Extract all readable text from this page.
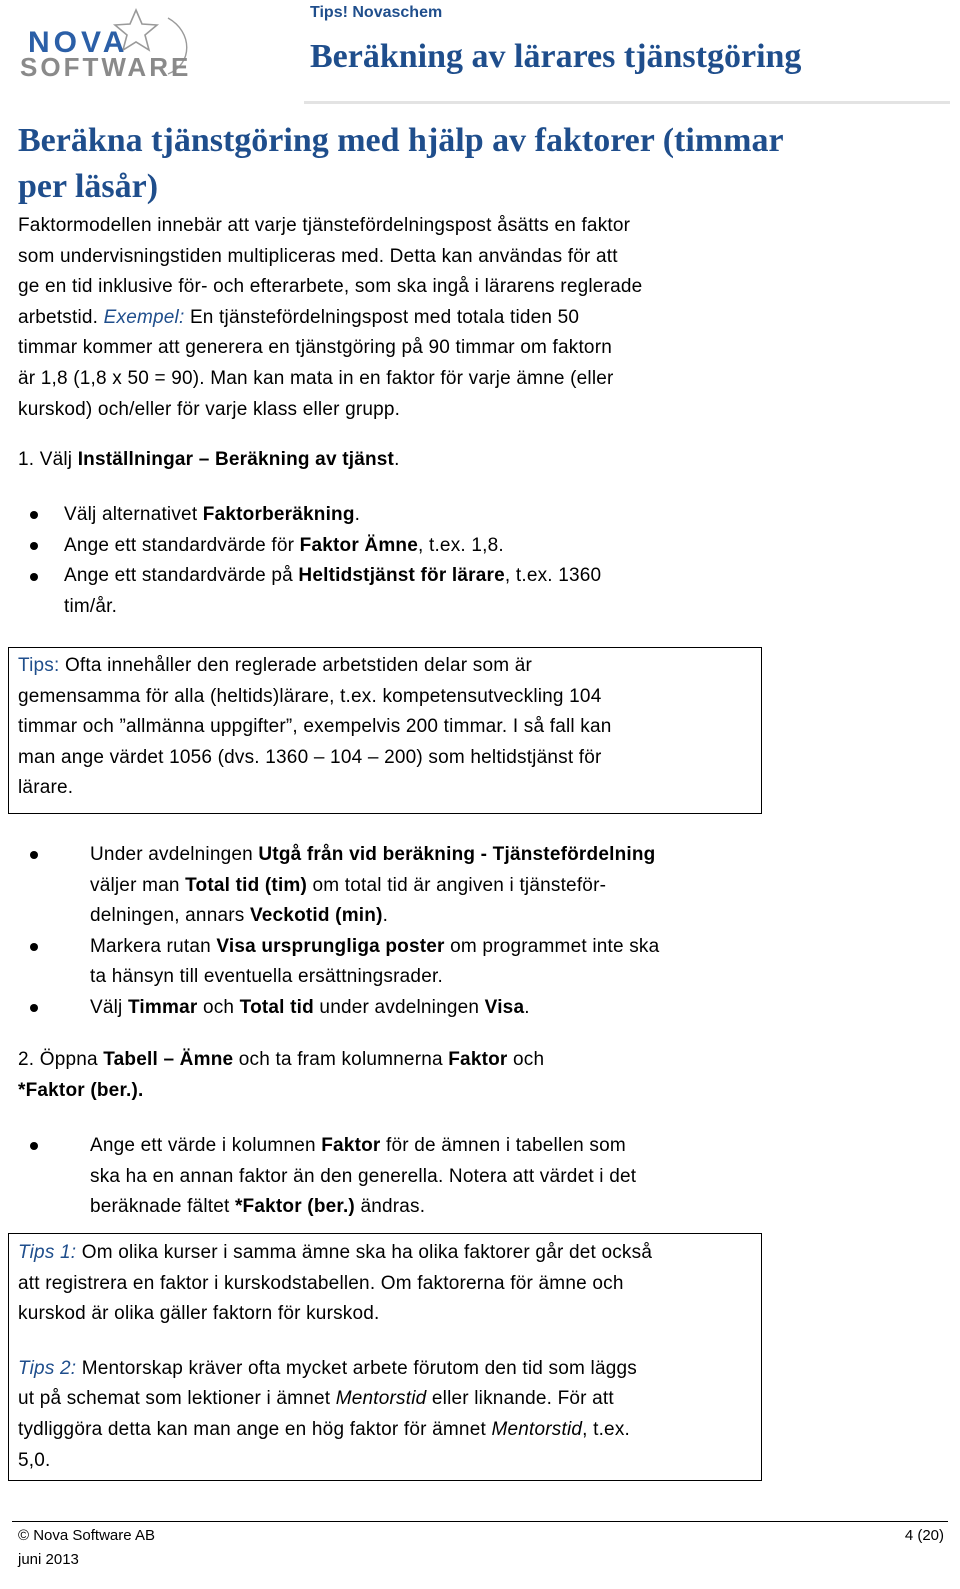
NOVA
SOFTWARE
Tips! Novaschem
Beräkning av lärares tjänstgöring
Beräkna tjänstgöring med hjälp av faktorer (timmar
per läsår)
Faktormodellen innebär att varje tjänstefördelningspost åsätts en faktor
som undervisningstiden multipliceras med. Detta kan användas för att
ge en tid inklusive för- och efterarbete, som ska ingå i lärarens reglerade
arbetstid. Exempel: En tjänstefördelningspost med totala tiden 50
timmar kommer att generera en tjänstgöring på 90 timmar om faktorn
är 1,8 (1,8 x 50 = 90). Man kan mata in en faktor för varje ämne (eller
kurskod) och/eller för varje klass eller grupp.
1. Välj Inställningar – Beräkning av tjänst.
Välj alternativet Faktorberäkning.
Ange ett standardvärde för Faktor Ämne, t.ex. 1,8.
Ange ett standardvärde på Heltidstjänst för lärare, t.ex. 1360
tim/år.
Tips: Ofta innehåller den reglerade arbetstiden delar som är
gemensamma för alla (heltids)lärare, t.ex. kompetensutveckling 104
timmar och ”allmänna uppgifter”, exempelvis 200 timmar. I så fall kan
man ange värdet 1056 (dvs. 1360 – 104 – 200) som heltidstjänst för
lärare.
Under avdelningen Utgå från vid beräkning - Tjänstefördelning
väljer man Total tid (tim) om total tid är angiven i tjänsteför-
delningen, annars Veckotid (min).
Markera rutan Visa ursprungliga poster om programmet inte ska
ta hänsyn till eventuella ersättningsrader.
Välj Timmar och Total tid under avdelningen Visa.
2. Öppna Tabell – Ämne och ta fram kolumnerna Faktor och
*Faktor (ber.).
Ange ett värde i kolumnen Faktor för de ämnen i tabellen som
ska ha en annan faktor än den generella. Notera att värdet i det
beräknade fältet *Faktor (ber.) ändras.
Tips 1: Om olika kurser i samma ämne ska ha olika faktorer går det också
att registrera en faktor i kurskodstabellen. Om faktorerna för ämne och
kurskod är olika gäller faktorn för kurskod.
Tips 2: Mentorskap kräver ofta mycket arbete förutom den tid som läggs
ut på schemat som lektioner i ämnet Mentorstid eller liknande. För att
tydliggöra detta kan man ange en hög faktor för ämnet Mentorstid, t.ex.
5,0.
© Nova Software AB
juni 2013
4 (20)
